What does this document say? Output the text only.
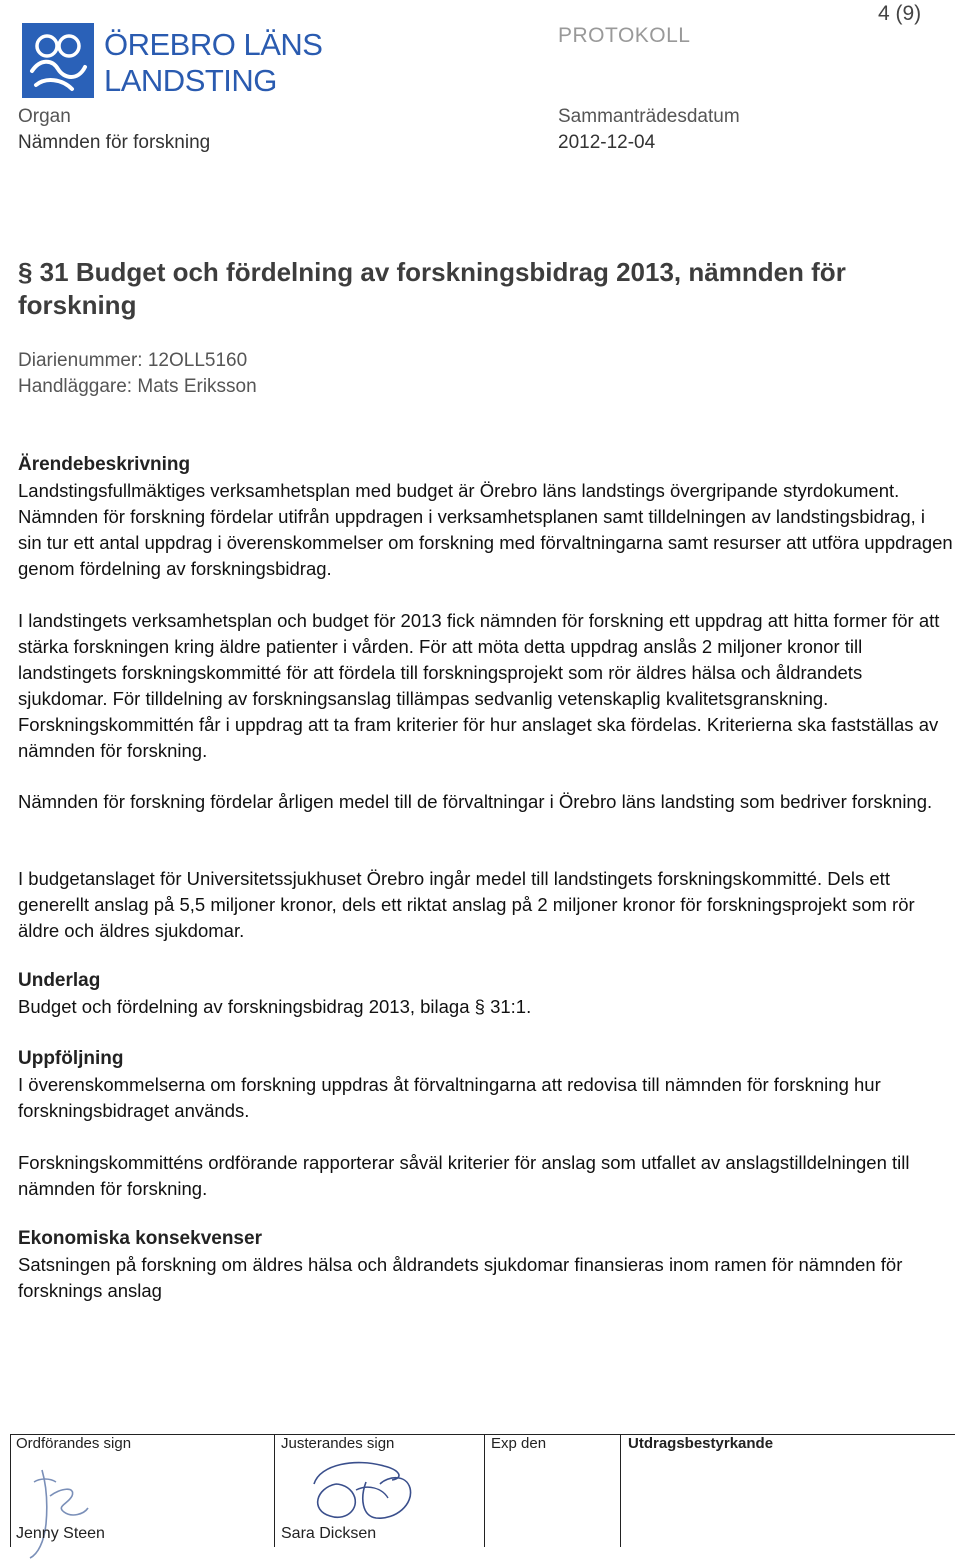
ÖREBRO LÄNS
LANDSTING
PROTOKOLL
4 (9)
Organ
Nämnden för forskning
Sammanträdesdatum
2012-12-04
§ 31 Budget och fördelning av forskningsbidrag 2013, nämnden för forskning
Diarienummer: 12OLL5160
Handläggare: Mats Eriksson
Ärendebeskrivning

Landstingsfullmäktiges verksamhetsplan med budget är Örebro läns landstings övergripande styrdokument. Nämnden för forskning fördelar utifrån uppdragen i verksamhetsplanen samt tilldelningen av landstingsbidrag, i sin tur ett antal uppdrag i överenskommelser om forskning med förvaltningarna samt resurser att utföra uppdragen genom fördelning av forskningsbidrag.

I landstingets verksamhetsplan och budget för 2013 fick nämnden för forskning ett uppdrag att hitta former för att stärka forskningen kring äldre patienter i vården. För att möta detta uppdrag anslås 2 miljoner kronor till landstingets forskningskommitté för att fördela till forskningsprojekt som rör äldres hälsa och åldrandets sjukdomar. För tilldelning av forskningsanslag tillämpas sedvanlig vetenskaplig kvalitetsgranskning. Forskningskommittén får i uppdrag att ta fram kriterier för hur anslaget ska fördelas. Kriterierna ska fastställas av nämnden för forskning.

Nämnden för forskning fördelar årligen medel till de förvaltningar i Örebro läns landsting som bedriver forskning.

I budgetanslaget för Universitetssjukhuset Örebro ingår medel till landstingets forskningskommitté. Dels ett generellt anslag på 5,5 miljoner kronor, dels ett riktat anslag på 2 miljoner kronor för forskningsprojekt som rör äldre och äldres sjukdomar.

Underlag

Budget och fördelning av forskningsbidrag 2013, bilaga § 31:1.

Uppföljning

I överenskommelserna om forskning uppdras åt förvaltningarna att redovisa till nämnden för forskning hur forskningsbidraget används.

Forskningskommitténs ordförande rapporterar såväl kriterier för anslag som utfallet av anslagstilldelningen till nämnden för forskning.

Ekonomiska konsekvenser

Satsningen på forskning om äldres hälsa och åldrandets sjukdomar finansieras inom ramen för nämnden för forsknings anslag

Ordförandes sign	Justerandes sign	Exp den	Utdragsbestyrkande
Jenny Steen	Sara Dicksen
